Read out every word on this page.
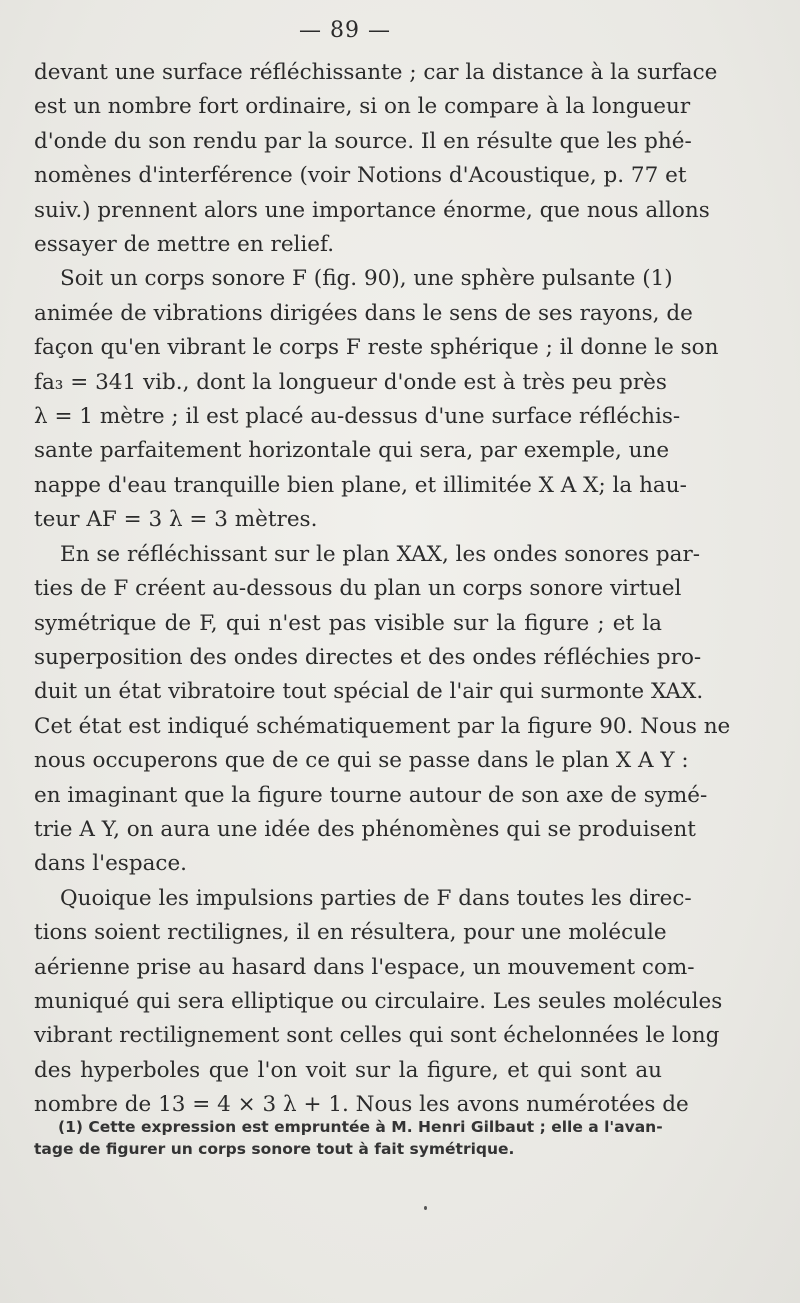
— 89 —

devant une surface réfléchissante ; car la distance à la surface
est un nombre fort ordinaire, si on le compare à la longueur
d'onde du son rendu par la source. Il en résulte que les phé-
nomènes d'interférence (voir Notions d'Acoustique, p. 77 et
suiv.) prennent alors une importance énorme, que nous allons
essayer de mettre en relief.

Soit un corps sonore F (fig. 90), une sphère pulsante (1)
animée de vibrations dirigées dans le sens de ses rayons, de
façon qu'en vibrant le corps F reste sphérique ; il donne le son
fa₃ = 341 vib., dont la longueur d'onde est à très peu près
λ = 1 mètre ; il est placé au-dessus d'une surface réfléchis-
sante parfaitement horizontale qui sera, par exemple, une
nappe d'eau tranquille bien plane, et illimitée X A X; la hau-
teur AF = 3 λ = 3 mètres.

En se réfléchissant sur le plan XAX, les ondes sonores par-
ties de F créent au-dessous du plan un corps sonore virtuel
symétrique de F, qui n'est pas visible sur la figure ; et la
superposition des ondes directes et des ondes réfléchies pro-
duit un état vibratoire tout spécial de l'air qui surmonte XAX.
Cet état est indiqué schématiquement par la figure 90. Nous ne
nous occuperons que de ce qui se passe dans le plan X A Y :
en imaginant que la figure tourne autour de son axe de symé-
trie A Y, on aura une idée des phénomènes qui se produisent
dans l'espace.

Quoique les impulsions parties de F dans toutes les direc-
tions soient rectilignes, il en résultera, pour une molécule
aérienne prise au hasard dans l'espace, un mouvement com-
muniqué qui sera elliptique ou circulaire. Les seules molécules
vibrant rectilignement sont celles qui sont échelonnées le long
des hyperboles que l'on voit sur la figure, et qui sont au
nombre de 13 = 4 × 3 λ + 1. Nous les avons numérotées de

(1) Cette expression est empruntée à M. Henri Gilbaut ; elle a l'avan-
tage de figurer un corps sonore tout à fait symétrique.
